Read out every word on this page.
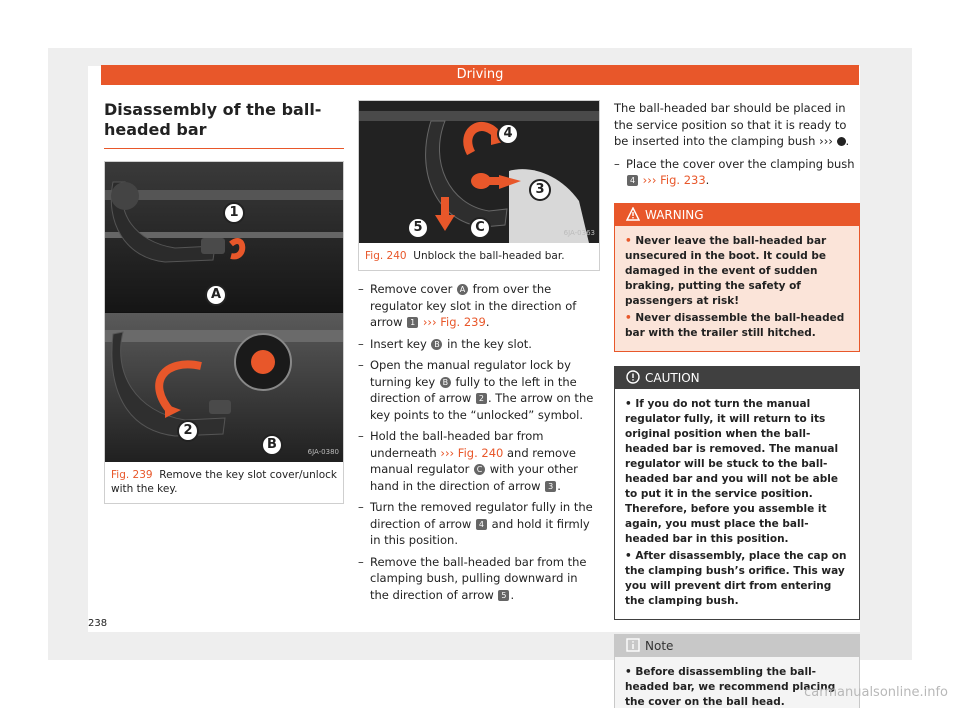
Driving
Disassembly of the ball-headed bar
1
A
2
B	6JA-0380
Fig. 239 Remove the key slot cover/unlock with the key.
4
3
5	C	6JA-0363
Fig. 240 Unblock the ball-headed bar.
– Remove cover A from over the regulator key slot in the direction of arrow 1 ››› Fig. 239.
– Insert key B in the key slot.
– Open the manual regulator lock by turning key B fully to the left in the direction of arrow 2 . The arrow on the key points to the “unlocked” symbol.
– Hold the ball-headed bar from underneath ››› Fig. 240 and remove manual regulator C with your other hand in the direction of arrow 3 .
– Turn the removed regulator fully in the direction of arrow 4 and hold it firmly in this position.
– Remove the ball-headed bar from the clamping bush, pulling downward in the direction of arrow 5 .

The ball-headed bar should be placed in the service position so that it is ready to be inserted into the clamping bush ››› .

– Place the cover over the clamping bush 4 ››› Fig. 233.
WARNING

• Never leave the ball-headed bar unsecured in the boot. It could be damaged in the event of sudden braking, putting the safety of passengers at risk!

• Never disassemble the ball-headed bar with the trailer still hitched.

CAUTION

• If you do not turn the manual regulator fully, it will return to its original position when the ball-headed bar is removed. The manual regulator will be stuck to the ball-headed bar and you will not be able to put it in the service position. Therefore, before you assemble it again, you must place the ball-headed bar in this position.

• After disassembly, place the cap on the clamping bush’s orifice. This way you will prevent dirt from entering the clamping bush.

Note

• Before disassembling the ball-headed bar, we recommend placing the cover on the ball head.

238
carmanualsonline.info
